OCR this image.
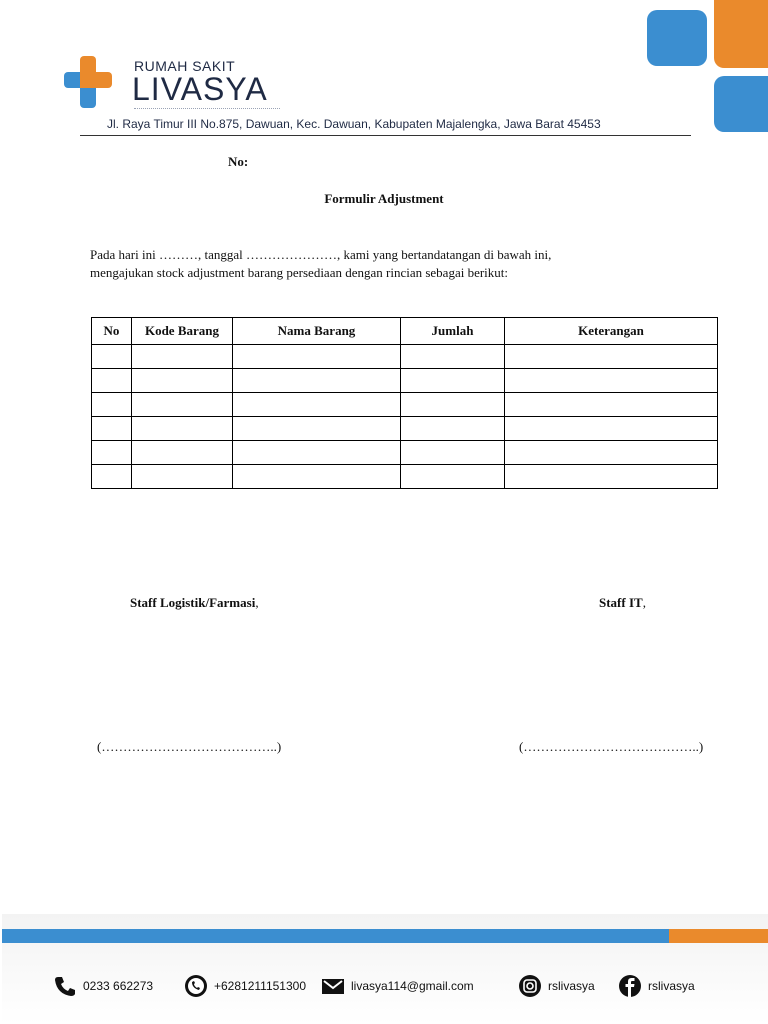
RUMAH SAKIT
LIVASYA
Jl. Raya Timur III No.875, Dawuan, Kec. Dawuan, Kabupaten Majalengka, Jawa Barat 45453
No:
Formulir Adjustment
Pada hari ini ………, tanggal …………………, kami yang bertandatangan di bawah ini,
mengajukan stock adjustment barang persediaan dengan rincian sebagai berikut:
No	Kode Barang	Nama Barang	Jumlah	Keterangan

Staff Logistik/Farmasi,	Staff IT,
(…………………………………..)	(…………………………………..)
0233 662273	+6281211151300	livasya114@gmail.com	rslivasya	rslivasya
